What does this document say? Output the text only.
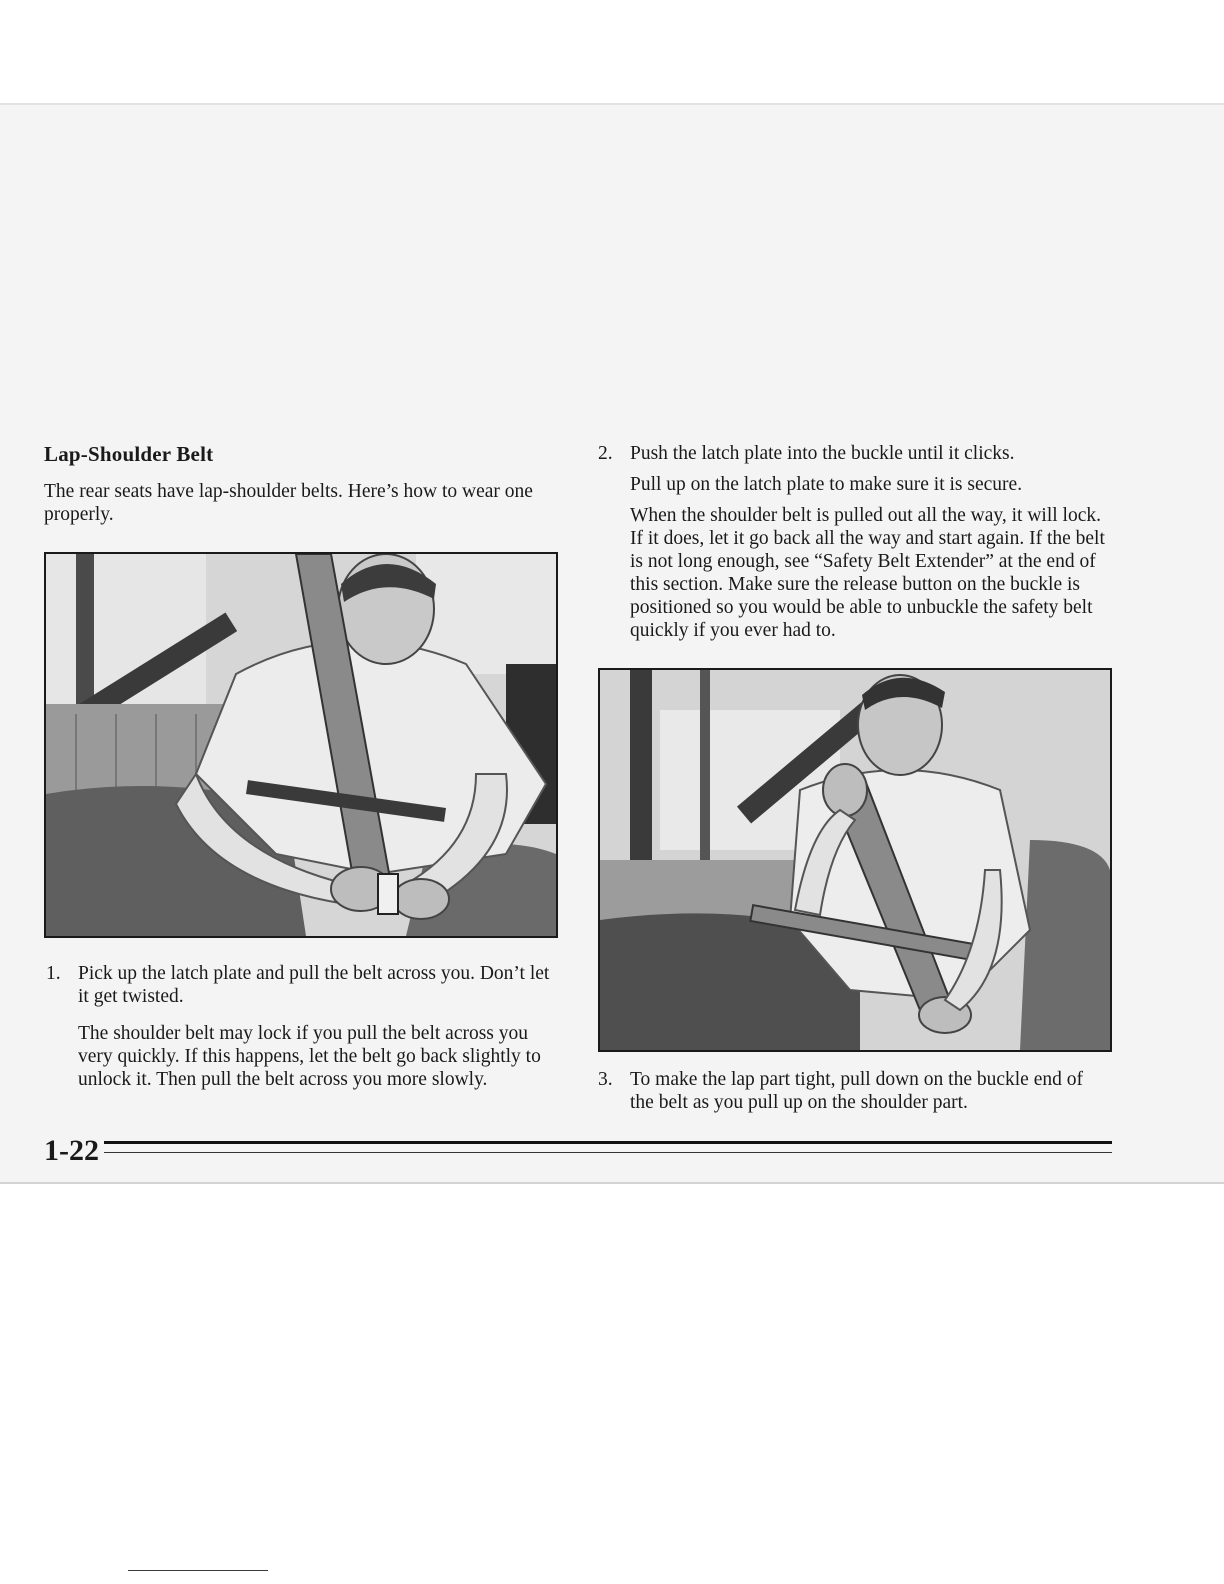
Lap-Shoulder Belt

The rear seats have lap-shoulder belts. Here’s how to wear one properly.

1. Pick up the latch plate and pull the belt across you. Don’t let it get twisted.

The shoulder belt may lock if you pull the belt across you very quickly. If this happens, let the belt go back slightly to unlock it. Then pull the belt across you more slowly.

2. Push the latch plate into the buckle until it clicks.

Pull up on the latch plate to make sure it is secure.

When the shoulder belt is pulled out all the way, it will lock. If it does, let it go back all the way and start again. If the belt is not long enough, see “Safety Belt Extender” at the end of this section. Make sure the release button on the buckle is positioned so you would be able to unbuckle the safety belt quickly if you ever had to.

3. To make the lap part tight, pull down on the buckle end of the belt as you pull up on the shoulder part.

1-22
